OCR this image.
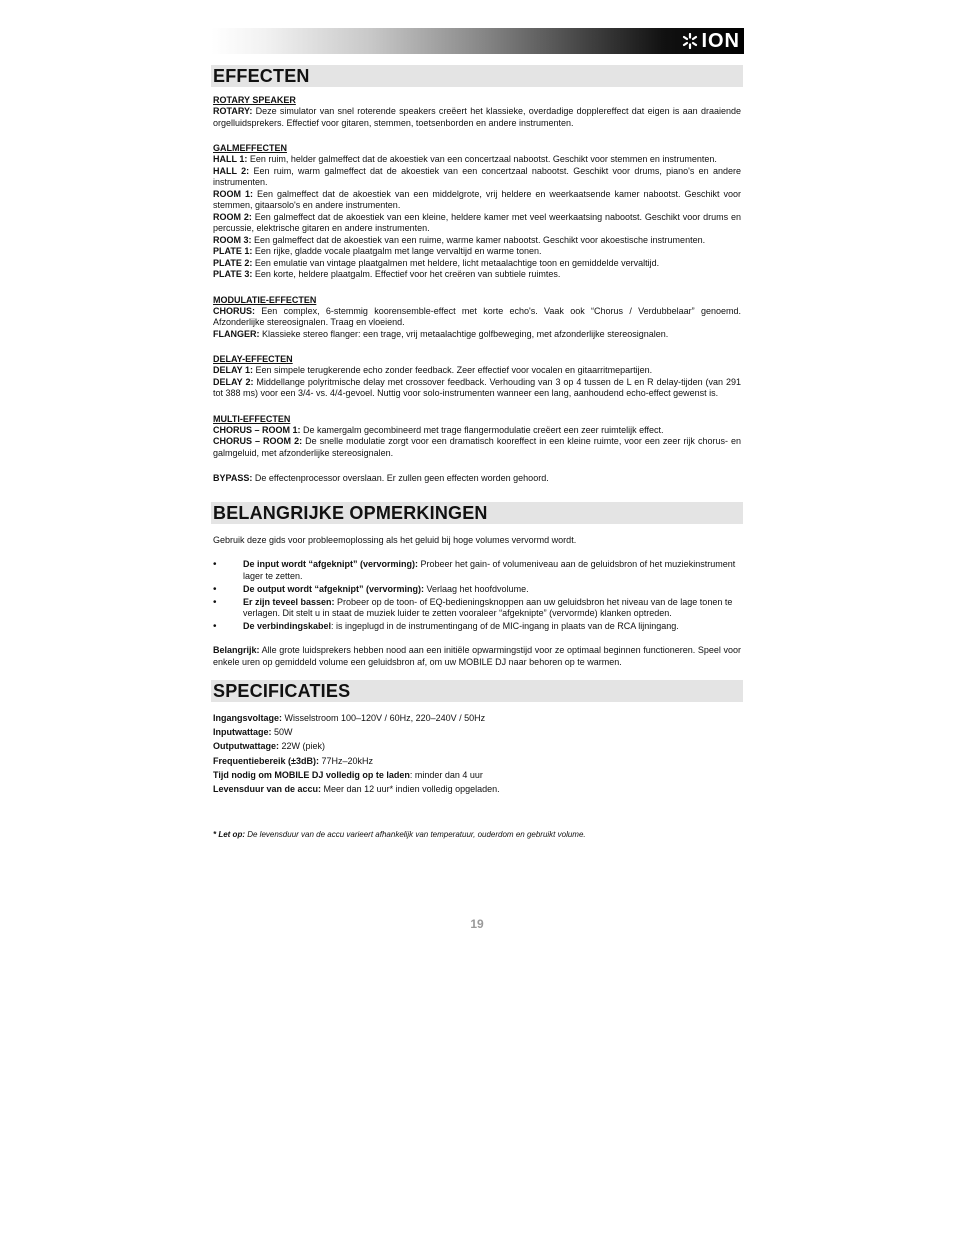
ION
EFFECTEN
ROTARY SPEAKER

ROTARY: Deze simulator van snel roterende speakers creëert het klassieke, overdadige dopplereffect dat eigen is aan draaiende orgelluidsprekers. Effectief voor gitaren, stemmen, toetsenborden en andere instrumenten.

GALMEFFECTEN

HALL 1: Een ruim, helder galmeffect dat de akoestiek van een concertzaal nabootst. Geschikt voor stemmen en instrumenten.

HALL 2: Een ruim, warm galmeffect dat de akoestiek van een concertzaal nabootst. Geschikt voor drums, piano's en andere instrumenten.

ROOM 1: Een galmeffect dat de akoestiek van een middelgrote, vrij heldere en weerkaatsende kamer nabootst. Geschikt voor stemmen, gitaarsolo's en andere instrumenten.

ROOM 2: Een galmeffect dat de akoestiek van een kleine, heldere kamer met veel weerkaatsing nabootst. Geschikt voor drums en percussie, elektrische gitaren en andere instrumenten.

ROOM 3: Een galmeffect dat de akoestiek van een ruime, warme kamer nabootst. Geschikt voor akoestische instrumenten.

PLATE 1: Een rijke, gladde vocale plaatgalm met lange vervaltijd en warme tonen.

PLATE 2: Een emulatie van vintage plaatgalmen met heldere, licht metaalachtige toon en gemiddelde vervaltijd.

PLATE 3: Een korte, heldere plaatgalm. Effectief voor het creëren van subtiele ruimtes.

MODULATIE-EFFECTEN

CHORUS: Een complex, 6-stemmig koorensemble-effect met korte echo's. Vaak ook “Chorus / Verdubbelaar” genoemd. Afzonderlijke stereosignalen. Traag en vloeiend.

FLANGER: Klassieke stereo flanger: een trage, vrij metaalachtige golfbeweging, met afzonderlijke stereosignalen.

DELAY-EFFECTEN

DELAY 1: Een simpele terugkerende echo zonder feedback. Zeer effectief voor vocalen en gitaarritmepartijen.

DELAY 2: Middellange polyritmische delay met crossover feedback. Verhouding van 3 op 4 tussen de L en R delay-tijden (van 291 tot 388 ms) voor een 3/4- vs. 4/4-gevoel. Nuttig voor solo-instrumenten wanneer een lang, aanhoudend echo-effect gewenst is.

MULTI-EFFECTEN

CHORUS – ROOM 1: De kamergalm gecombineerd met trage flangermodulatie creëert een zeer ruimtelijk effect.

CHORUS – ROOM 2: De snelle modulatie zorgt voor een dramatisch kooreffect in een kleine ruimte, voor een zeer rijk chorus- en galmgeluid, met afzonderlijke stereosignalen.

BYPASS: De effectenprocessor overslaan. Er zullen geen effecten worden gehoord.

BELANGRIJKE OPMERKINGEN

Gebruik deze gids voor probleemoplossing als het geluid bij hoge volumes vervormd wordt.

•	De input wordt “afgeknipt” (vervorming): Probeer het gain- of volumeniveau aan de geluidsbron of het muziekinstrument lager te zetten.
•	De output wordt “afgeknipt” (vervorming): Verlaag het hoofdvolume.
•	Er zijn teveel bassen: Probeer op de toon- of EQ-bedieningsknoppen aan uw geluidsbron het niveau van de lage tonen te verlagen. Dit stelt u in staat de muziek luider te zetten vooraleer “afgeknipte” (vervormde) klanken optreden.
•	De verbindingskabel: is ingeplugd in de instrumentingang of de MIC-ingang in plaats van de RCA lijningang.

Belangrijk: Alle grote luidsprekers hebben nood aan een initiële opwarmingstijd voor ze optimaal beginnen functioneren. Speel voor enkele uren op gemiddeld volume een geluidsbron af, om uw MOBILE DJ naar behoren op te warmen.

SPECIFICATIES
Ingangsvoltage: Wisselstroom 100–120V / 60Hz, 220–240V / 50Hz
Inputwattage: 50W
Outputwattage: 22W (piek)
Frequentiebereik (±3dB): 77Hz–20kHz
Tijd nodig om MOBILE DJ volledig op te laden: minder dan 4 uur
Levensduur van de accu: Meer dan 12 uur* indien volledig opgeladen.
* Let op: De levensduur van de accu varieert afhankelijk van temperatuur, ouderdom en gebruikt volume.
19
